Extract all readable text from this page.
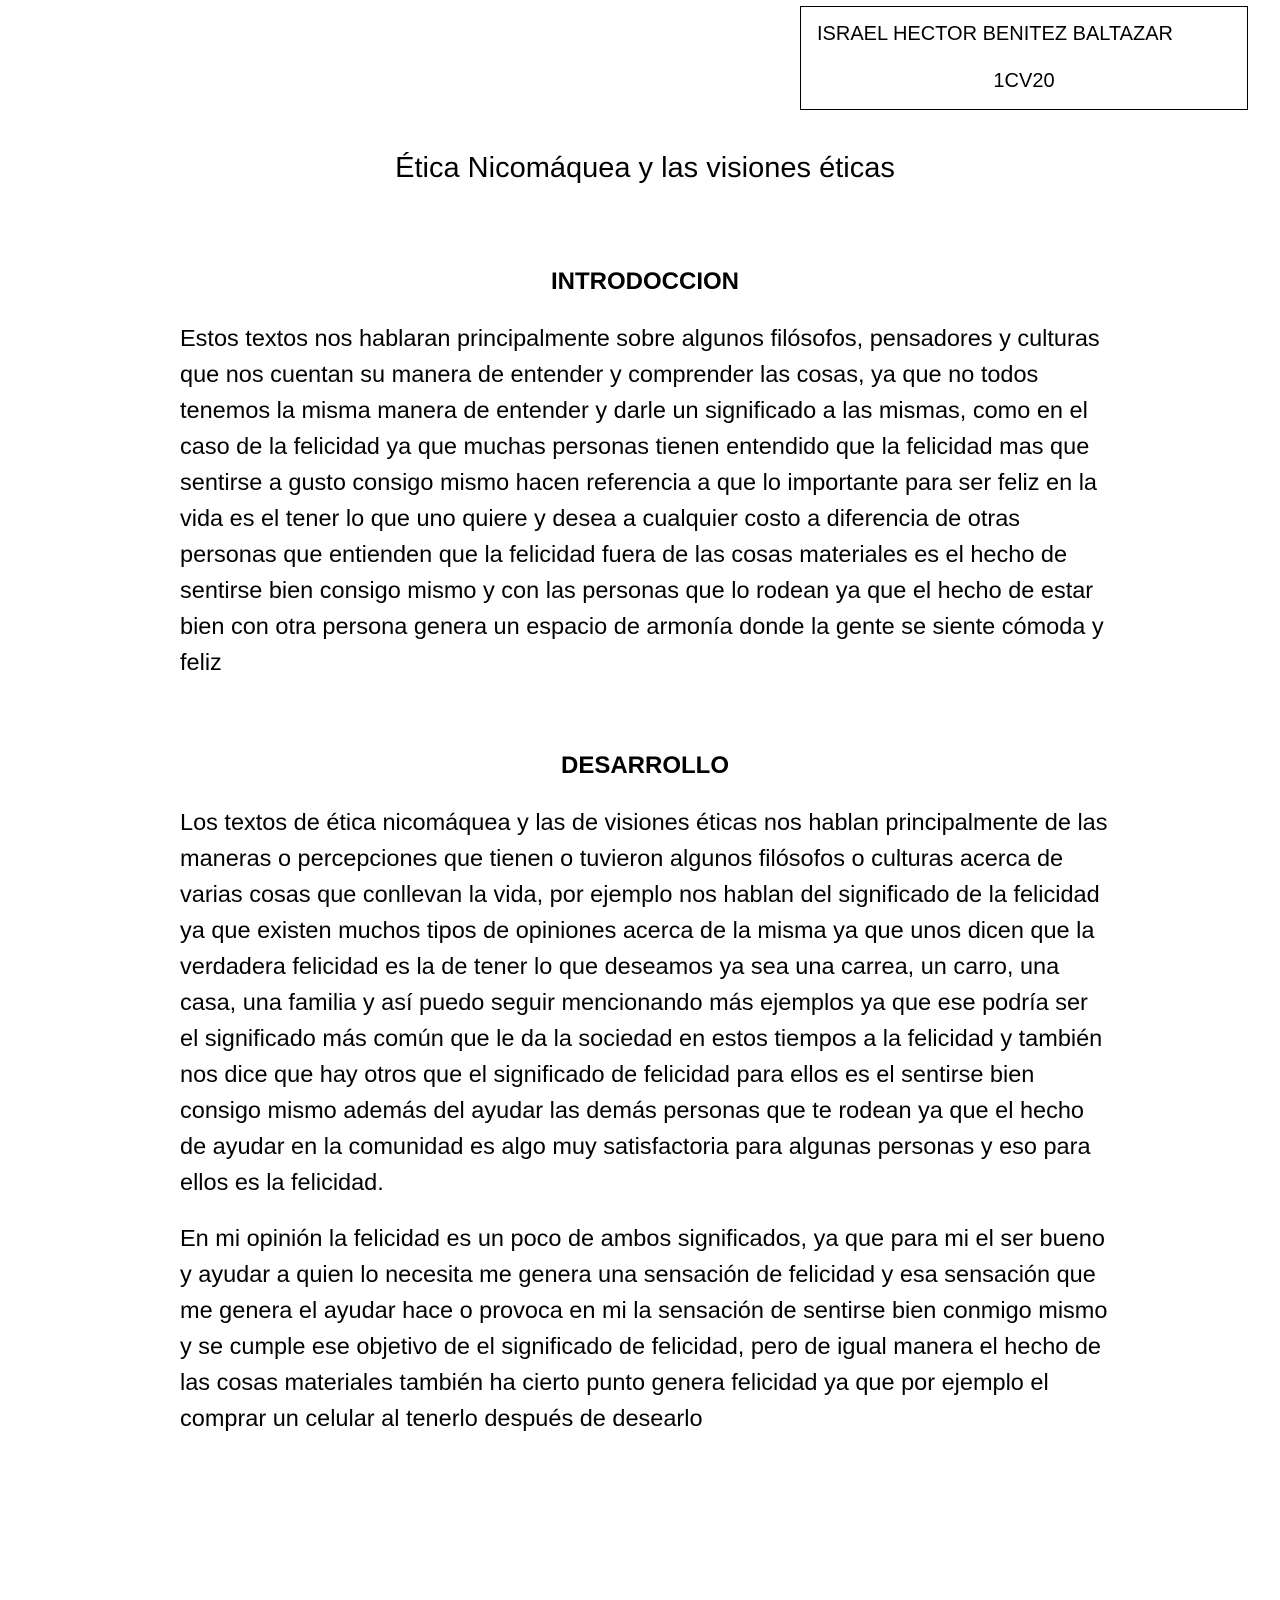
ISRAEL HECTOR BENITEZ BALTAZAR
1CV20
Ética Nicomáquea y las visiones éticas
INTRODOCCION

Estos textos nos hablaran principalmente sobre algunos filósofos, pensadores y culturas que nos cuentan su manera de entender y comprender las cosas, ya que no todos tenemos la misma manera de entender y darle un significado a las mismas, como en el caso de la felicidad ya que muchas personas tienen entendido que la felicidad mas que sentirse a gusto consigo mismo hacen referencia a que lo importante para ser feliz en la vida es el tener lo que uno quiere y desea a cualquier costo a diferencia de otras personas que entienden que la felicidad fuera de las cosas materiales es el hecho de sentirse bien consigo mismo y con las personas que lo rodean ya que el hecho de estar bien con otra persona genera un espacio de armonía donde la gente se siente cómoda y feliz

DESARROLLO

Los textos de ética nicomáquea y las de visiones éticas nos hablan principalmente de las maneras o percepciones que tienen o tuvieron algunos filósofos o culturas acerca de varias cosas que conllevan la vida, por ejemplo nos hablan del significado de la felicidad ya que existen muchos tipos de opiniones acerca de la misma ya que unos dicen que la verdadera felicidad es la de tener lo que deseamos ya sea una carrea, un carro, una casa, una familia y así puedo seguir mencionando más ejemplos ya que ese podría ser el significado más común que le da la sociedad en estos tiempos a la felicidad y también nos dice que hay otros que el significado de felicidad para ellos es el sentirse bien consigo mismo además del ayudar las demás personas que te rodean ya que el hecho de ayudar en la comunidad es algo muy satisfactoria para algunas personas y eso para ellos es la felicidad.

En mi opinión la felicidad es un poco de ambos significados, ya que para mi el ser bueno y ayudar a quien lo necesita me genera una sensación de felicidad y esa sensación que me genera el ayudar hace o provoca en mi la sensación de sentirse bien conmigo mismo y se cumple ese objetivo de el significado de felicidad, pero de igual manera el hecho de las cosas materiales también ha cierto punto genera felicidad ya que por ejemplo el comprar un celular al tenerlo después de desearlo
